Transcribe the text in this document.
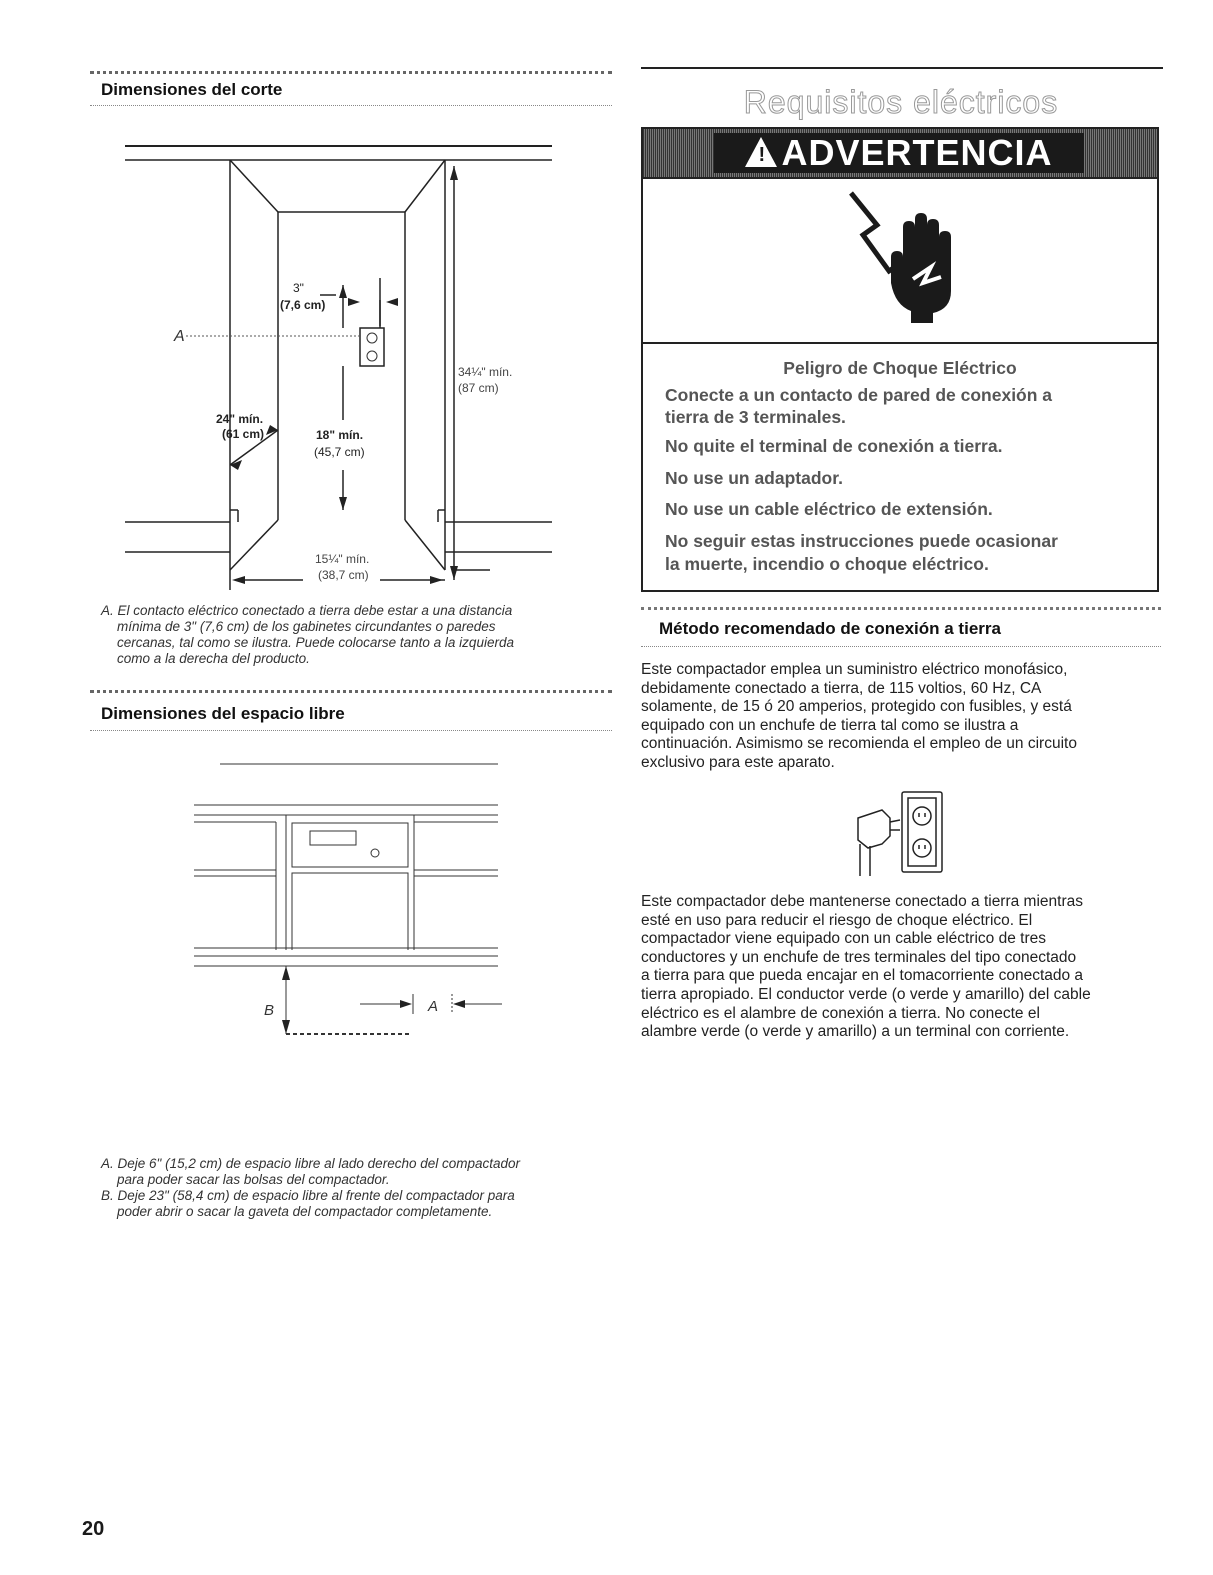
Dimensiones del corte
A
3"
(7,6 cm)
34¼" mín.
(87 cm)
24" mín.
(61 cm)	18" mín.
(45,7 cm)
15¼" mín.
(38,7 cm)
A. El contacto eléctrico conectado a tierra debe estar a una distancia
mínima de 3" (7,6 cm) de los gabinetes circundantes o paredes
cercanas, tal como se ilustra. Puede colocarse tanto a la izquierda
como a la derecha del producto.
Dimensiones del espacio libre
B	A
A. Deje 6" (15,2 cm) de espacio libre al lado derecho del compactador
para poder sacar las bolsas del compactador.
B. Deje 23" (58,4 cm) de espacio libre al frente del compactador para
poder abrir o sacar la gaveta del compactador completamente.
20
Requisitos eléctricos
! ADVERTENCIA
Peligro de Choque Eléctrico
Conecte a un contacto de pared de conexión a
tierra de 3 terminales.
No quite el terminal de conexión a tierra.
No use un adaptador.
No use un cable eléctrico de extensión.
No seguir estas instrucciones puede ocasionar
la muerte, incendio o choque eléctrico.
Método recomendado de conexión a tierra
Este compactador emplea un suministro eléctrico monofásico,
debidamente conectado a tierra, de 115 voltios, 60 Hz, CA
solamente, de 15 ó 20 amperios, protegido con fusibles, y está
equipado con un enchufe de tierra tal como se ilustra a
continuación. Asimismo se recomienda el empleo de un circuito
exclusivo para este aparato.
Este compactador debe mantenerse conectado a tierra mientras
esté en uso para reducir el riesgo de choque eléctrico. El
compactador viene equipado con un cable eléctrico de tres
conductores y un enchufe de tres terminales del tipo conectado
a tierra para que pueda encajar en el tomacorriente conectado a
tierra apropiado. El conductor verde (o verde y amarillo) del cable
eléctrico es el alambre de conexión a tierra. No conecte el
alambre verde (o verde y amarillo) a un terminal con corriente.
